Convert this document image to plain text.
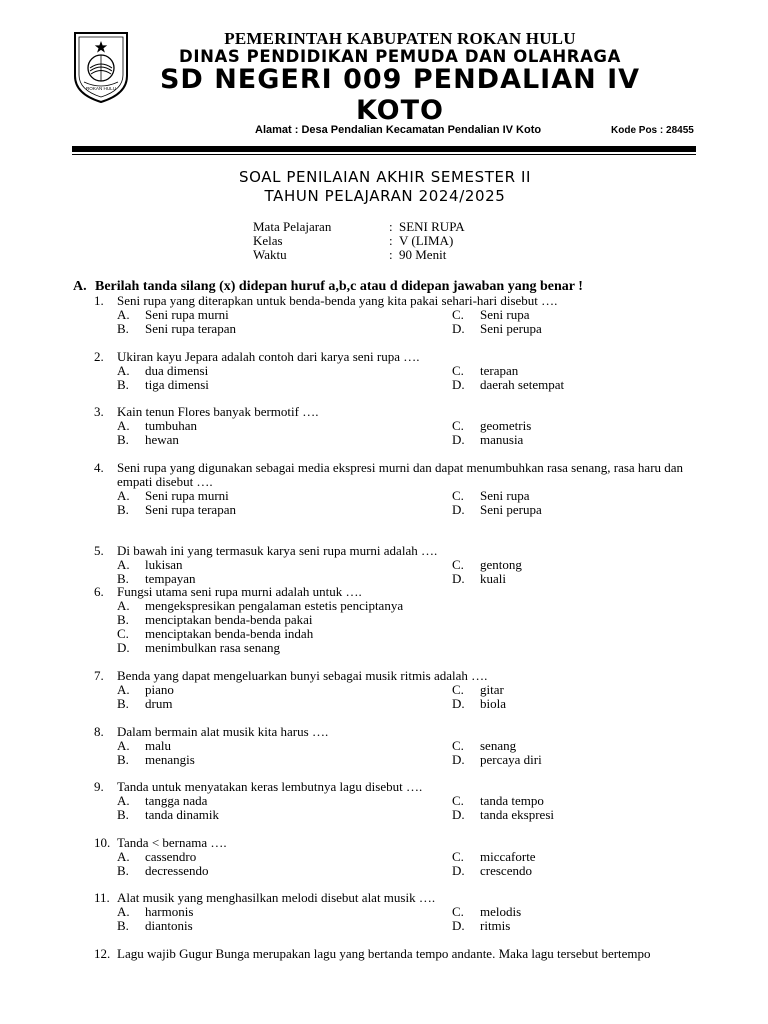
ROKAN HULU
PEMERINTAH KABUPATEN ROKAN HULU
DINAS PENDIDIKAN PEMUDA DAN OLAHRAGA
SD NEGERI 009 PENDALIAN IV
KOTO
Alamat : Desa Pendalian Kecamatan Pendalian IV Koto	Kode Pos : 28455
SOAL PENILAIAN AKHIR SEMESTER II
TAHUN PELAJARAN 2024/2025
Mata Pelajaran	: SENI RUPA
Kelas	: V (LIMA)
Waktu	: 90 Menit
A. Berilah tanda silang (x) didepan huruf a,b,c atau d didepan jawaban yang benar !
1. Seni rupa yang diterapkan untuk benda-benda yang kita pakai sehari-hari disebut ….
A. Seni rupa murni
B. Seni rupa terapan
C. Seni rupa
D. Seni perupa
2. Ukiran kayu Jepara adalah contoh dari karya seni rupa ….
A. dua dimensi
B. tiga dimensi
C. terapan
D. daerah setempat
3. Kain tenun Flores banyak bermotif ….
A. tumbuhan
B. hewan
C. geometris
D. manusia
4. Seni rupa yang digunakan sebagai media ekspresi murni dan dapat menumbuhkan rasa senang, rasa haru dan empati disebut ….
A. Seni rupa murni
B. Seni rupa terapan
C. Seni rupa
D. Seni perupa
5. Di bawah ini yang termasuk karya seni rupa murni adalah ….
A. lukisan
B. tempayan
C. gentong
D. kuali
6. Fungsi utama seni rupa murni adalah untuk ….
A. mengekspresikan pengalaman estetis penciptanya
B. menciptakan benda-benda pakai
C. menciptakan benda-benda indah
D. menimbulkan rasa senang
7. Benda yang dapat mengeluarkan bunyi sebagai musik ritmis adalah ….
A. piano
B. drum
C. gitar
D. biola
8. Dalam bermain alat musik kita harus ….
A. malu
B. menangis
C. senang
D. percaya diri
9. Tanda untuk menyatakan keras lembutnya lagu disebut ….
A. tangga nada
B. tanda dinamik
C. tanda tempo
D. tanda ekspresi
10. Tanda < bernama ….
A. cassendro
B. decressendo
C. miccaforte
D. crescendo
11. Alat musik yang menghasilkan melodi disebut alat musik ….
A. harmonis
B. diantonis
C. melodis
D. ritmis
12. Lagu wajib Gugur Bunga merupakan lagu yang bertanda tempo andante. Maka lagu tersebut bertempo
